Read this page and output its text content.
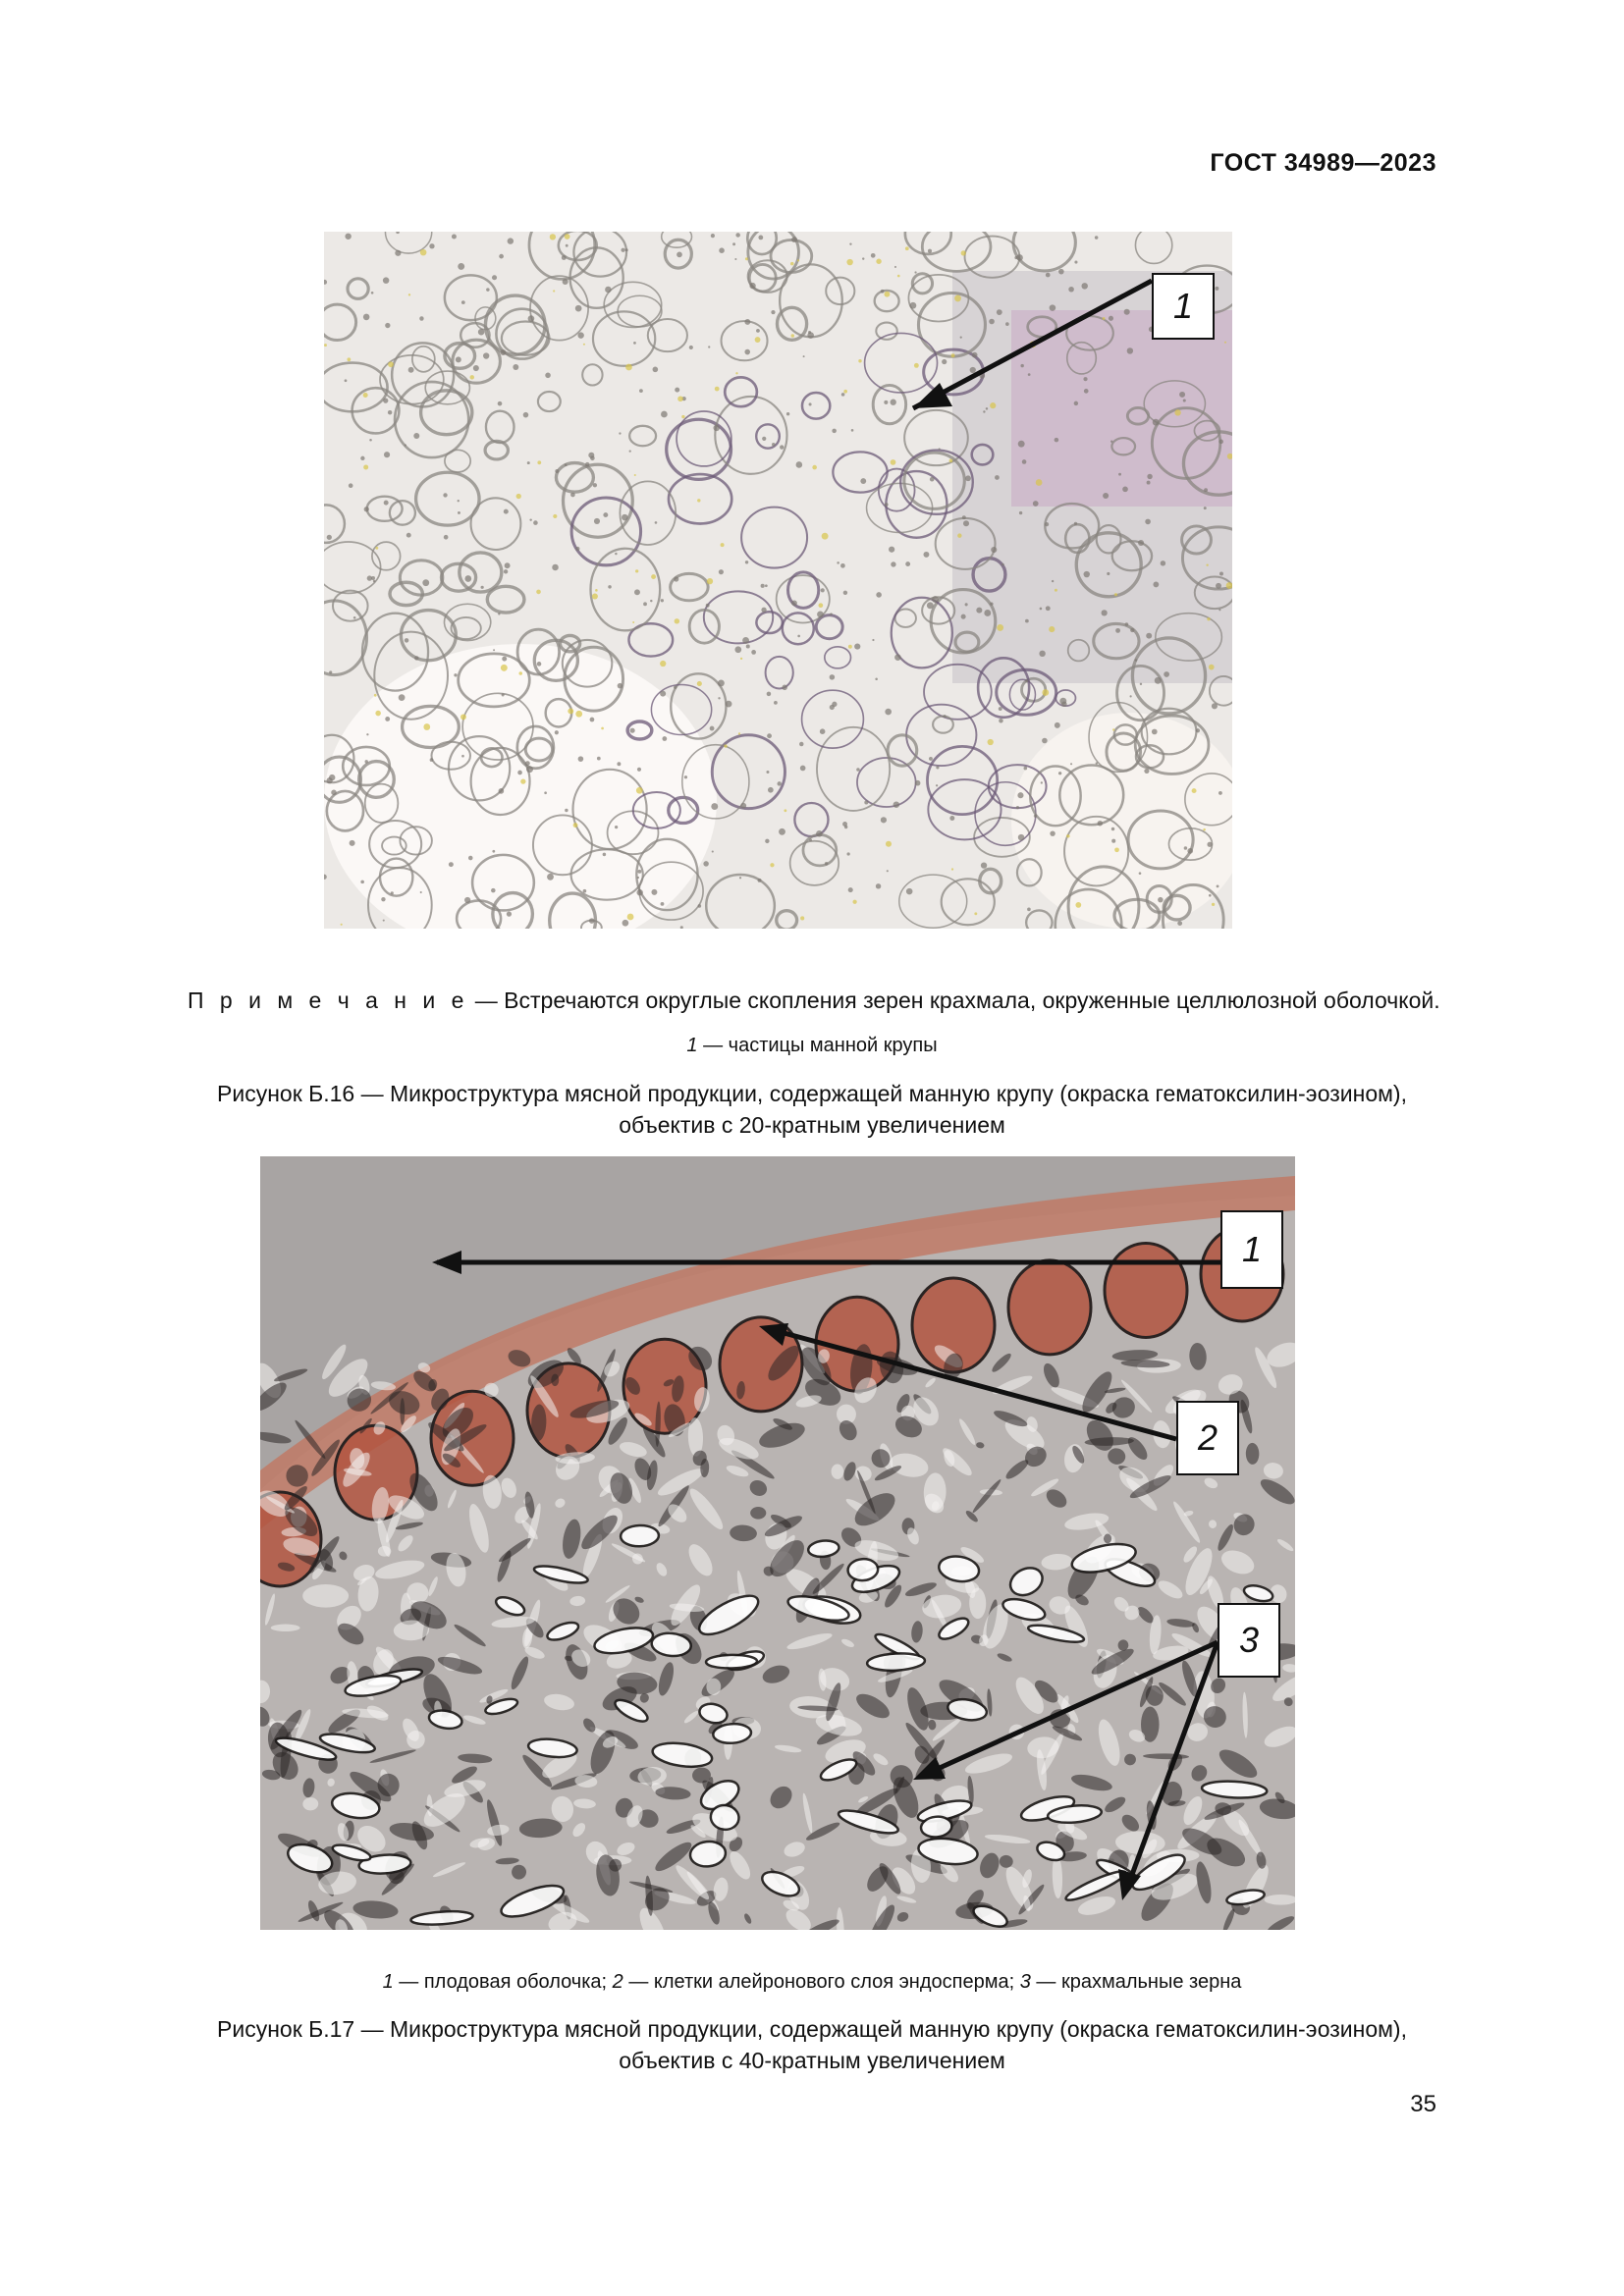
ГОСТ 34989—2023
1
П р и м е ч а н и е — Встречаются округлые скопления зерен крахмала, окруженные целлюлозной оболочкой.
1 — частицы манной крупы
Рисунок Б.16 — Микроструктура мясной продукции, содержащей манную крупу (окраска гематоксилин-эозином),
объектив с 20-кратным увеличением
1
2
3
1 — плодовая оболочка; 2 — клетки алейронового слоя эндосперма; 3 — крахмальные зерна
Рисунок Б.17 — Микроструктура мясной продукции, содержащей манную крупу (окраска гематоксилин-эозином),
объектив с 40-кратным увеличением
35
